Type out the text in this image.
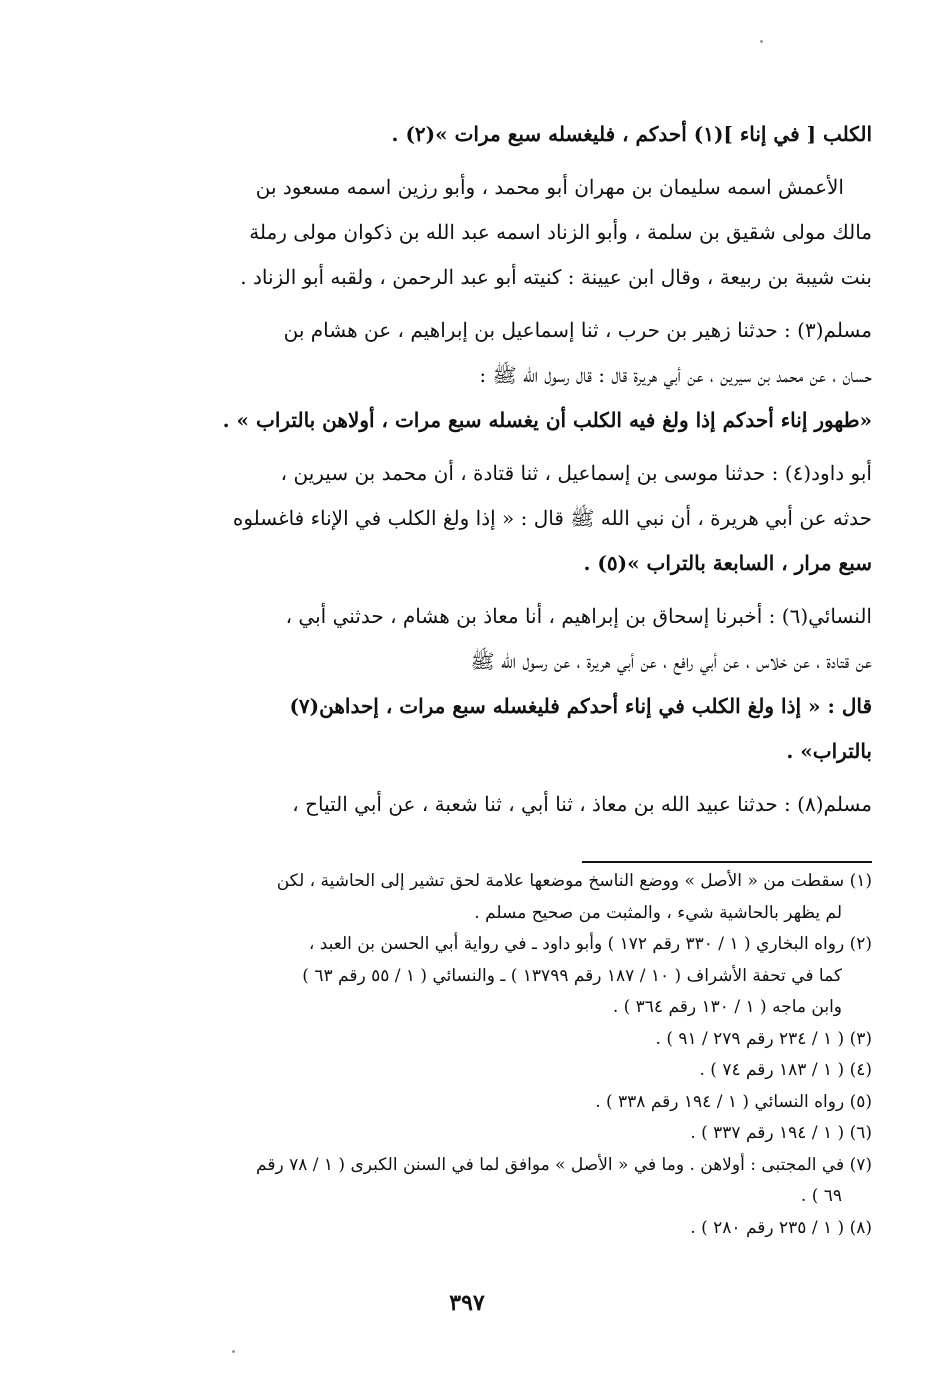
الكلب [ في إناء ](١) أحدكم ، فليغسله سبع مرات »(٢) .

الأعمش اسمه سليمان بن مهران أبو محمد ، وأبو رزين اسمه مسعود بن
مالك مولى شقيق بن سلمة ، وأبو الزناد اسمه عبد الله بن ذكوان مولى رملة
بنت شيبة بن ربيعة ، وقال ابن عيينة : كنيته أبو عبد الرحمن ، ولقبه أبو الزناد .

مسلم(٣) : حدثنا زهير بن حرب ، ثنا إسماعيل بن إبراهيم ، عن هشام بن
حسان ، عن محمد بن سيرين ، عن أبي هريرة قال : قال رسول الله ﷺ :
«طهور إناء أحدكم إذا ولغ فيه الكلب أن يغسله سبع مرات ، أولاهن بالتراب » .

أبو داود(٤) : حدثنا موسى بن إسماعيل ، ثنا قتادة ، أن محمد بن سيرين ،
حدثه عن أبي هريرة ، أن نبي الله ﷺ قال : « إذا ولغ الكلب في الإناء فاغسلوه
سبع مرار ، السابعة بالتراب »(٥) .

النسائي(٦) : أخبرنا إسحاق بن إبراهيم ، أنا معاذ بن هشام ، حدثني أبي ،
عن قتادة ، عن خلاس ، عن أبي رافع ، عن أبي هريرة ، عن رسول الله ﷺ
قال : « إذا ولغ الكلب في إناء أحدكم فليغسله سبع مرات ، إحداهن(٧)
بالتراب» .

مسلم(٨) : حدثنا عبيد الله بن معاذ ، ثنا أبي ، ثنا شعبة ، عن أبي التياح ،

(١) سقطت من « الأصل » ووضع الناسخ موضعها علامة لحق تشير إلى الحاشية ، لكن
لم يظهر بالحاشية شيء ، والمثبت من صحيح مسلم .
(٢) رواه البخاري ( ١ / ٣٣٠ رقم ١٧٢ ) وأبو داود ـ في رواية أبي الحسن بن العبد ،
كما في تحفة الأشراف ( ١٠ / ١٨٧ رقم ١٣٧٩٩ ) ـ والنسائي ( ١ / ٥٥ رقم ٦٣ )
وابن ماجه ( ١ / ١٣٠ رقم ٣٦٤ ) .
(٣) ( ١ / ٢٣٤ رقم ٢٧٩ / ٩١ ) .
(٤) ( ١ / ١٨٣ رقم ٧٤ ) .
(٥) رواه النسائي ( ١ / ١٩٤ رقم ٣٣٨ ) .
(٦) ( ١ / ١٩٤ رقم ٣٣٧ ) .
(٧) في المجتبى : أولاهن . وما في « الأصل » موافق لما في السنن الكبرى ( ١ / ٧٨ رقم
٦٩ ) .
(٨) ( ١ / ٢٣٥ رقم ٢٨٠ ) .
٣٩٧
